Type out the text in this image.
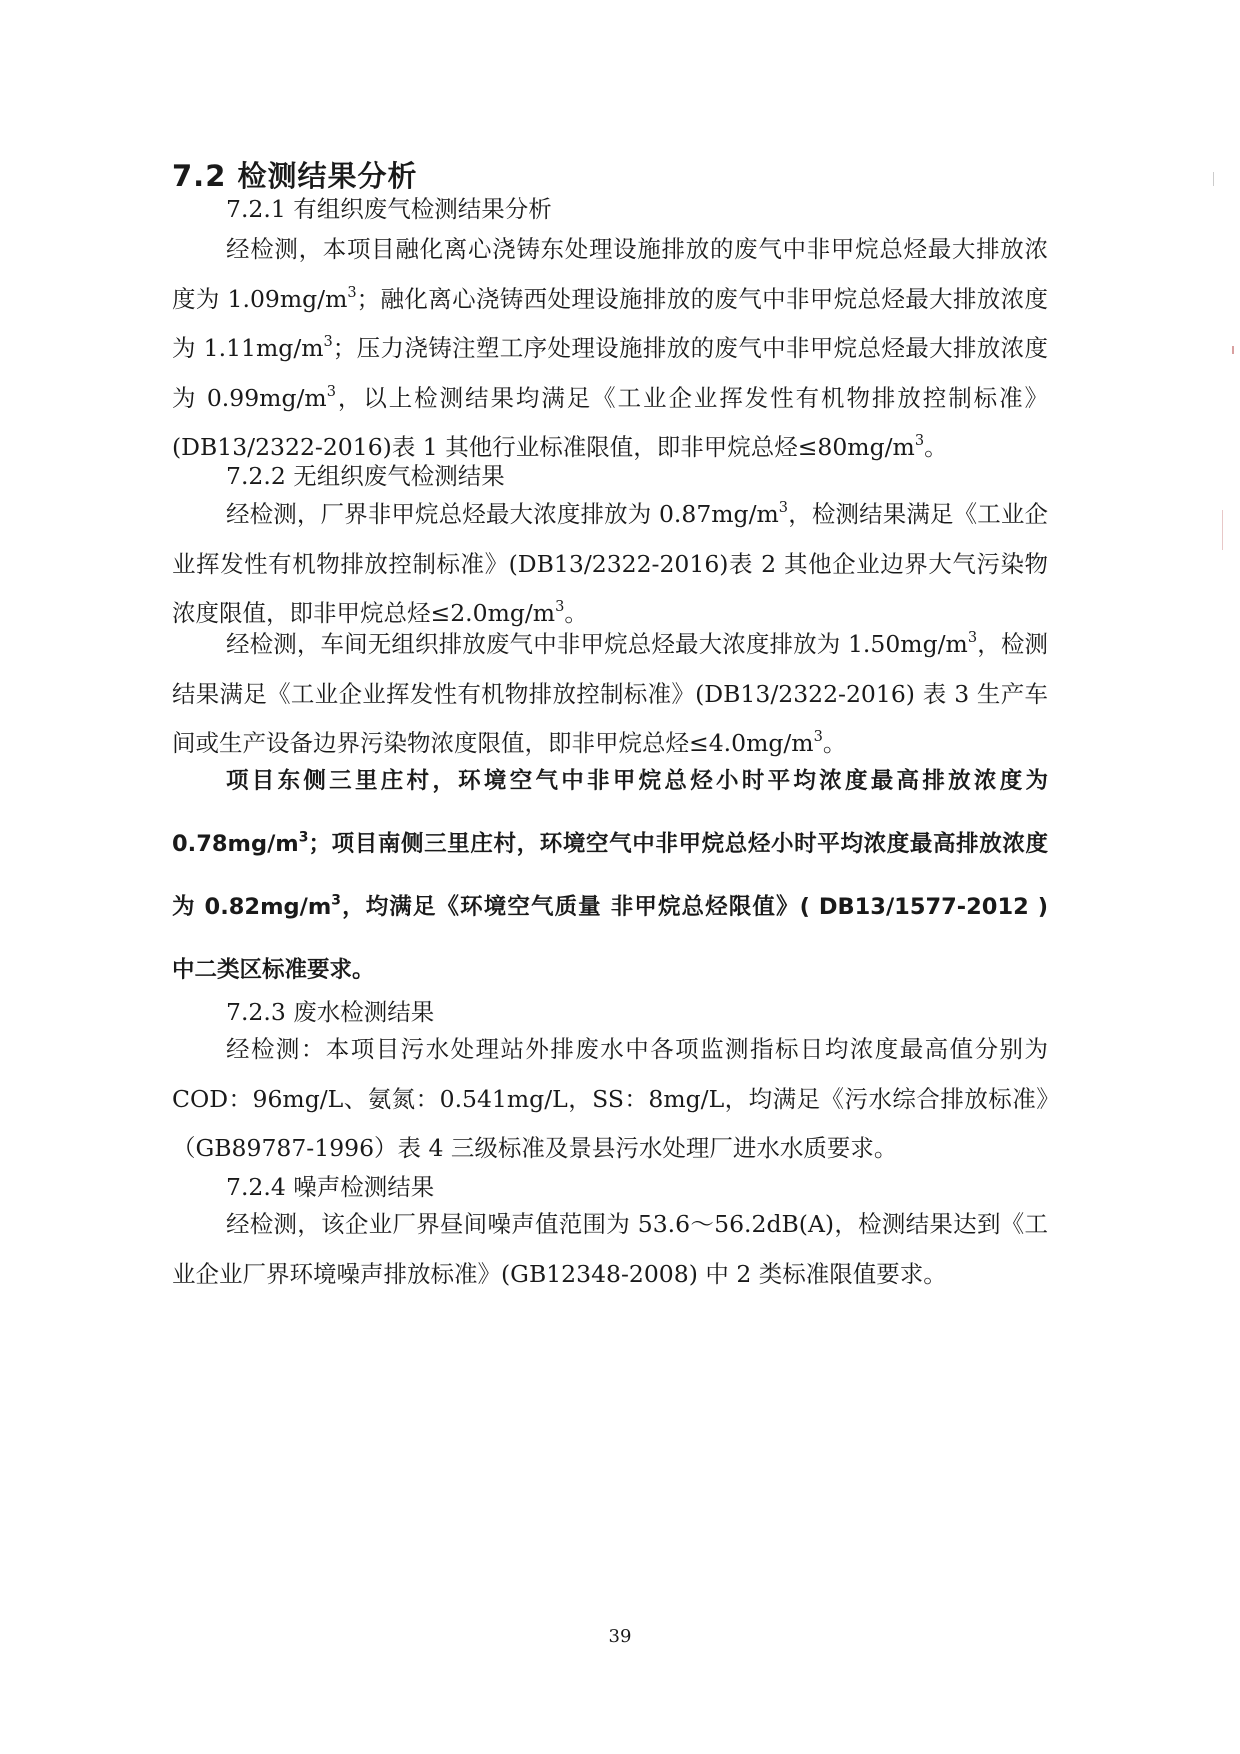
7.2 检测结果分析
7.2.1 有组织废气检测结果分析

经检测，本项目融化离心浇铸东处理设施排放的废气中非甲烷总烃最大排放浓度为 $1.09mg/m^3$；融化离心浇铸西处理设施排放的废气中非甲烷总烃最大排放浓度为 $1.11mg/m^3$；压力浇铸注塑工序处理设施排放的废气中非甲烷总烃最大排放浓度为 $0.99mg/m^3$，以上检测结果均满足《工业企业挥发性有机物排放控制标准》(DB13/2322-2016)表 1 其他行业标准限值，即非甲烷总烃$\le 80mg/m^3$。

7.2.2 无组织废气检测结果

经检测，厂界非甲烷总烃最大浓度排放为 $0.87mg/m^3$，检测结果满足《工业企业挥发性有机物排放控制标准》(DB13/2322-2016)表 2 其他企业边界大气污染物浓度限值，即非甲烷总烃$\le 2.0mg/m^3$。

经检测，车间无组织排放废气中非甲烷总烃最大浓度排放为 $1.50mg/m^3$，检测结果满足《工业企业挥发性有机物排放控制标准》(DB13/2322-2016) 表 3 生产车间或生产设备边界污染物浓度限值，即非甲烷总烃$\le 4.0mg/m^3$。

项目东侧三里庄村，环境空气中非甲烷总烃小时平均浓度最高排放浓度为 $0.78mg/m^3$；项目南侧三里庄村，环境空气中非甲烷总烃小时平均浓度最高排放浓度为 $0.82mg/m^3$，均满足《环境空气质量 非甲烷总烃限值》( DB13/1577-2012 ) 中二类区标准要求。

7.2.3 废水检测结果

经检测：本项目污水处理站外排废水中各项监测指标日均浓度最高值分别为 COD：96mg/L、氨氮：0.541mg/L，SS：8mg/L，均满足《污水综合排放标准》（GB89787-1996）表 4 三级标准及景县污水处理厂进水水质要求。

7.2.4 噪声检测结果

经检测，该企业厂界昼间噪声值范围为 53.6～56.2dB(A)，检测结果达到《工业企业厂界环境噪声排放标准》(GB12348-2008) 中 2 类标准限值要求。

39
